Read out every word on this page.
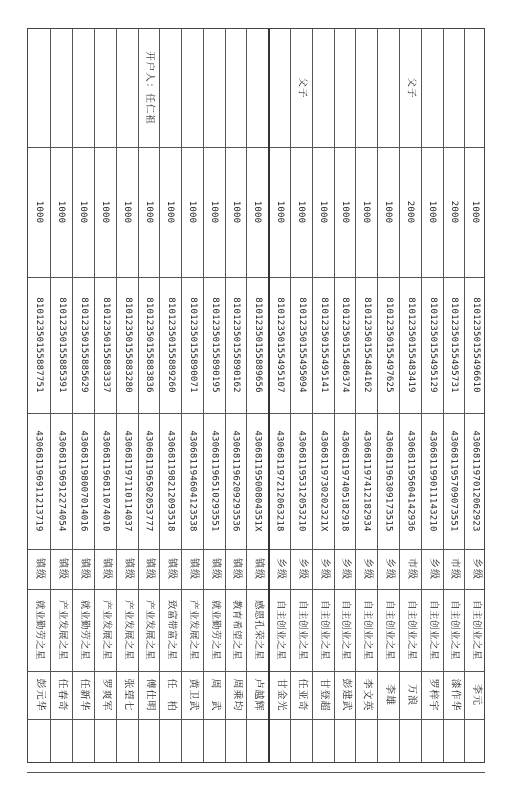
1000
81012350155887751
430681196911213719
镇级
就业勤劳之星
彭元华
1000
81012350155885391
430681196912274054
镇级
产业发展之星
任春奇
1000
81012350155885629
430681198007014016
镇级
就业勤劳之星
任新华
1000
81012350155883337
430681196811074010
镇级
产业发展之星
罗爽军
1000
81012350155883280
430681197110114037
镇级
产业发展之星
张望七
开户人：任仁祖
1000
81012350155883836
430681196502053777
镇级
产业发展之星
傅仕明
1000
81012350155889260
430681198212093518
镇级
致富带富之星
任　柏
1000
81012350155890071
430681194604123538
镇级
产业发展之星
黄卫武
1000
81012350155890195
430681196510293551
镇级
就业勤劳之星
周　武
1000
81012350155890162
430681196209293536
镇级
教育希望之星
周乘均
1000
81012350155889656
43068119500804351X
镇级
感恩孔荣之星
卢越辉
1000
81012350155495107
430681197212063218
乡级
自主创业之星
甘金光
父子
1000
81012350155495094
430681195312053210
乡级
自主创业之星
任亚奇
1000
81012350155495141
43068119730202321X
乡级
自主创业之星
甘登超
1000
81012350155486374
430681197405182918
乡级
自主创业之星
彭建武
1000
81012350155484162
430681197412182934
乡级
自主创业之星
李文英
1000
81012350155497625
430681196309173515
乡级
自主创业之星
李雄
父子
2000
81012350155483419
430681195604142936
市级
自主创业之星
万浪
1000
81012350155495129
430681199011143210
乡级
自主创业之星
罗梓宇
2000
81012350155495731
430681195709073551
市级
自主创业之星
漆作华
1000
81012350155496610
430681197012062923
乡级
自主创业之星
李元
